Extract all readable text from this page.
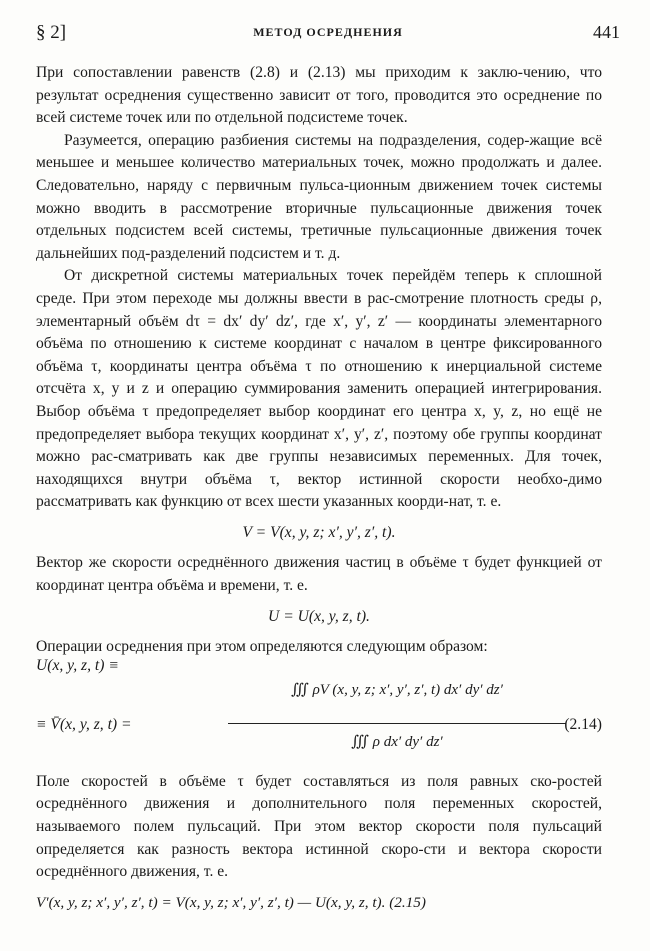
§ 2]	МЕТОД ОСРЕДНЕНИЯ	441

При сопоставлении равенств (2.8) и (2.13) мы приходим к заклю-чению, что результат осреднения существенно зависит от того, проводится это осреднение по всей системе точек или по отдельной подсистеме точек.

Разумеется, операцию разбиения системы на подразделения, содер-жащие всё меньшее и меньшее количество материальных точек, можно продолжать и далее. Следовательно, наряду с первичным пульса-ционным движением точек системы можно вводить в рассмотрение вторичные пульсационные движения точек отдельных подсистем всей системы, третичные пульсационные движения точек дальнейших под-разделений подсистем и т. д.

От дискретной системы материальных точек перейдём теперь к сплошной среде. При этом переходе мы должны ввести в рас-смотрение плотность среды ρ, элементарный объём dτ = dx′ dy′ dz′, где x′, y′, z′ — координаты элементарного объёма по отношению к системе координат с началом в центре фиксированного объёма τ, координаты центра объёма τ по отношению к инерциальной системе отсчёта x, y и z и операцию суммирования заменить операцией интегрирования. Выбор объёма τ предопределяет выбор координат его центра x, y, z, но ещё не предопределяет выбора текущих координат x′, y′, z′, поэтому обе группы координат можно рас-сматривать как две группы независимых переменных. Для точек, находящихся внутри объёма τ, вектор истинной скорости необхо-димо рассматривать как функцию от всех шести указанных коорди-нат, т. е.

V = V(x, y, z; x′, y′, z′, t).

Вектор же скорости осреднённого движения частиц в объёме τ будет функцией от координат центра объёма и времени, т. е.

U = U(x, y, z, t).

Операции осреднения при этом определяются следующим образом:

U(x, y, z, t) ≡
≡ V̄(x, y, z, t) =
∭ ρV (x, y, z; x′, y′, z′, t) dx′ dy′ dz′
∭ ρ dx′ dy′ dz′
(2.14)

Поле скоростей в объёме τ будет составляться из поля равных ско-ростей осреднённого движения и дополнительного поля переменных скоростей, называемого полем пульсаций. При этом вектор скорости поля пульсаций определяется как разность вектора истинной скоро-сти и вектора скорости осреднённого движения, т. е.

V′(x, y, z; x′, y′, z′, t) = V(x, y, z; x′, y′, z′, t) — U(x, y, z, t). (2.15)
